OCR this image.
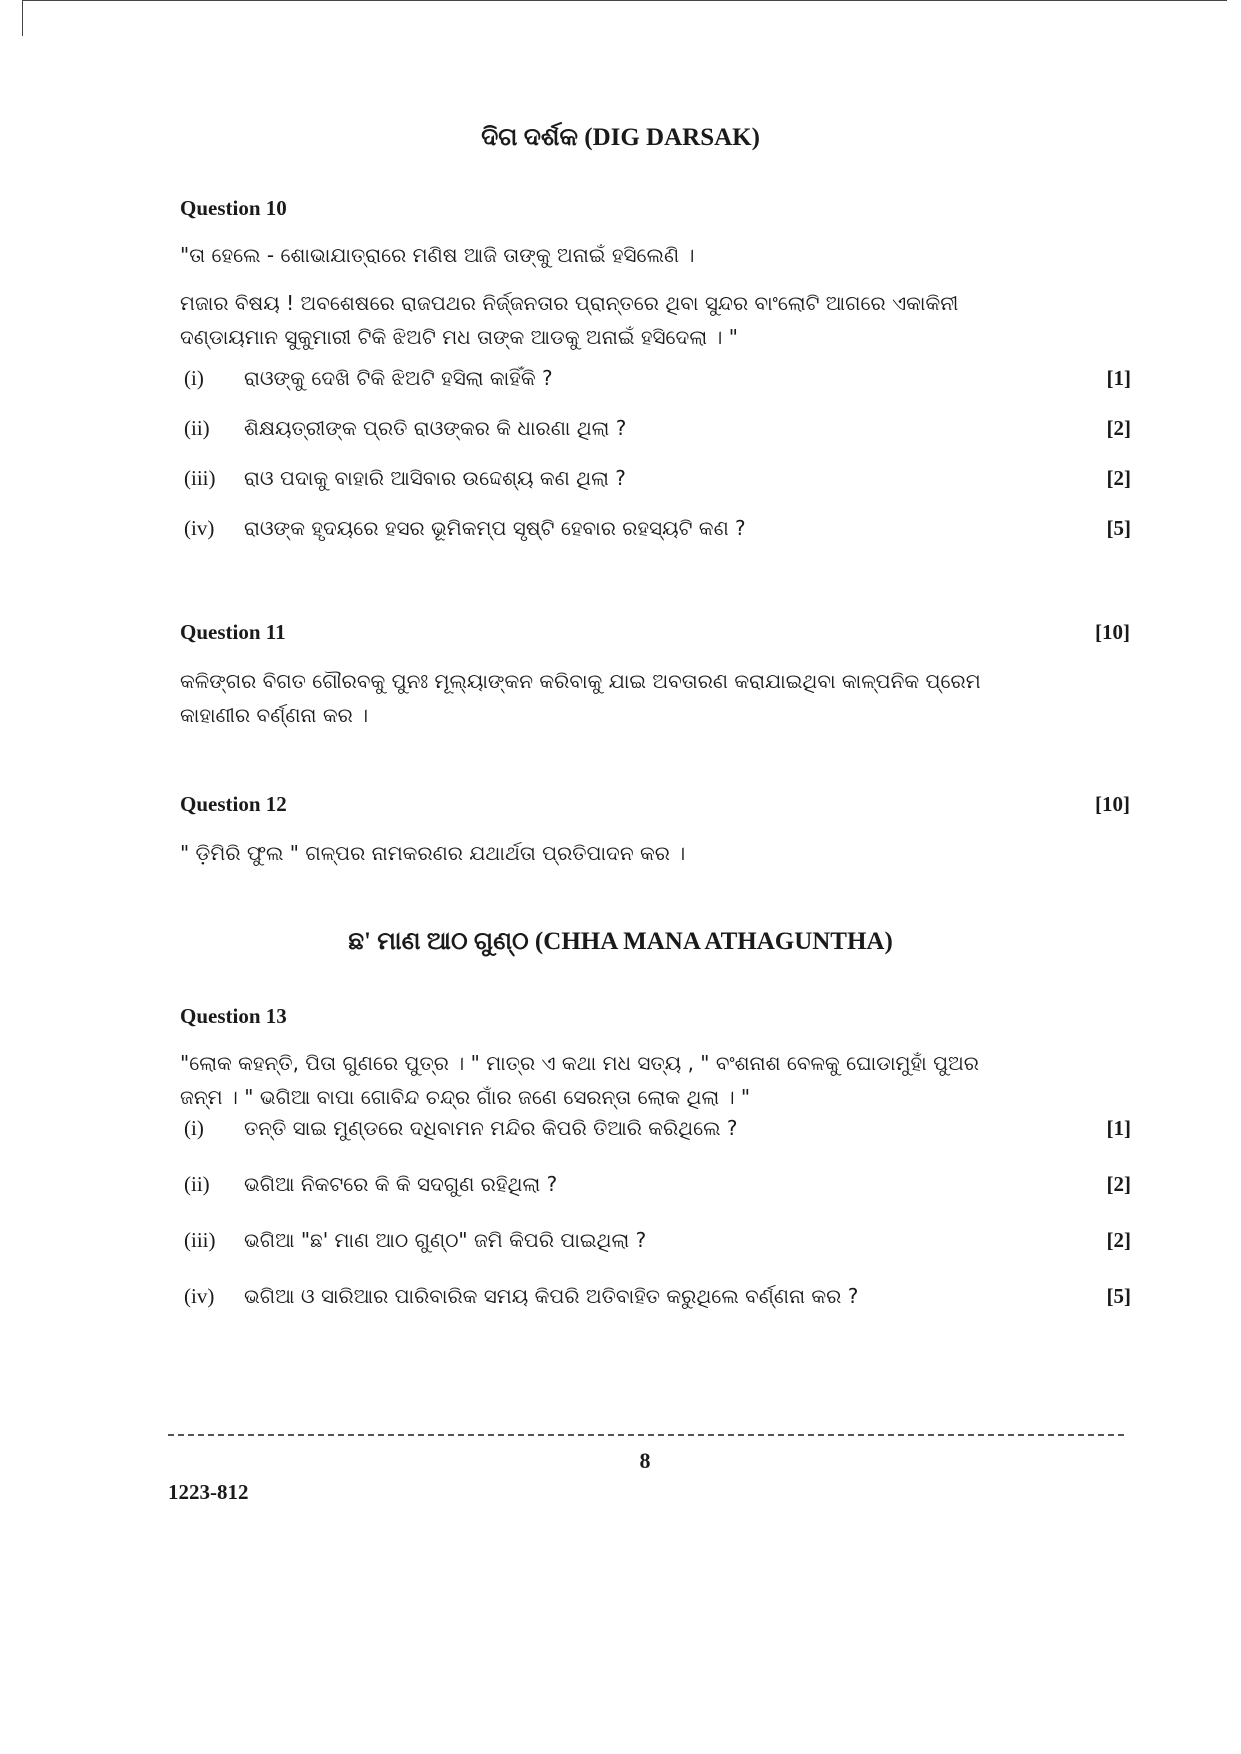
ଦିଗ ଦର୍ଶକ (DIG DARSAK)
Question 10
"ତା ହେଲେ - ଶୋଭାଯାତ୍ରାରେ ମଣିଷ ଆଜି ତାଙ୍କୁ ଅନାଇଁ ହସିଲେଣି ।
ମଜାର ବିଷୟ ! ଅବଶେଷରେ ରାଜପଥର ନିର୍ଜ୍ଜନତାର ପ୍ରାନ୍ତରେ ଥିବା ସୁନ୍ଦର ବାଂଲୋଟି ଆଗରେ ଏକାକିନୀ
ଦଣ୍ଡାୟମାନ ସୁକୁମାରୀ ଟିକି ଝିଅଟି ମଧ ତାଙ୍କ ଆଡକୁ ଅନାଇଁ ହସିଦେଲା । "
(i) ରାଓଙ୍କୁ ଦେଖି ଟିକି ଝିଅଟି ହସିଲା କାହିଁକି ?	[1]
(ii) ଶିକ୍ଷୟତ୍ରୀଙ୍କ ପ୍ରତି ରାଓଙ୍କର କି ଧାରଣା ଥିଲା ?	[2]
(iii) ରାଓ ପଦାକୁ ବାହାରି ଆସିବାର ଉଦ୍ଦେଶ୍ୟ କଣ ଥିଲା ?	[2]
(iv) ରାଓଙ୍କ ହୃଦୟରେ ହସର ଭୂମିକମ୍ପ ସୃଷ୍ଟି ହେବାର ରହସ୍ୟଟି କଣ ?	[5]
Question 11	[10]
କଳିଙ୍ଗର ବିଗତ ଗୌରବକୁ ପୁନଃ ମୂଲ୍ୟାଙ୍କନ କରିବାକୁ ଯାଇ ଅବତାରଣ କରାଯାଇଥିବା କାଳ୍ପନିକ ପ୍ରେମ
କାହାଣୀର ବର୍ଣ୍ଣନା କର ।
Question 12	[10]
" ଡ଼ିମିରି ଫୁଲ " ଗଳ୍ପର ନାମକରଣର ଯଥାର୍ଥତା ପ୍ରତିପାଦନ କର ।
ଛ' ମାଣ ଆଠ ଗୁଣ୍ଠ (CHHA MANA ATHAGUNTHA)
Question 13
"ଲୋକ କହନ୍ତି, ପିତା ଗୁଣରେ ପୁତ୍ର । " ମାତ୍ର ଏ କଥା ମଧ ସତ୍ୟ , " ବଂଶନାଶ ବେଳକୁ ଘୋଡାମୁହାଁ ପୁଅର
ଜନ୍ମ । " ଭଗିଆ ବାପା ଗୋବିନ୍ଦ ଚନ୍ଦ୍ର ଗାଁର ଜଣେ ସେରନ୍ତା ଲୋକ ଥିଲା । "
(i) ତନ୍ତି ସାଇ ମୁଣ୍ଡରେ ଦଧିବାମନ ମନ୍ଦିର କିପରି ତିଆରି କରିଥିଲେ ?	[1]
(ii) ଭଗିଆ ନିକଟରେ କି କି ସଦଗୁଣ ରହିଥିଲା ?	[2]
(iii) ଭଗିଆ "ଛ' ମାଣ ଆଠ ଗୁଣ୍ଠ" ଜମି କିପରି ପାଇଥିଲା ?	[2]
(iv) ଭଗିଆ ଓ ସାରିଆର ପାରିବାରିକ ସମୟ କିପରି ଅତିବାହିତ କରୁଥିଲେ ବର୍ଣ୍ଣନା କର ?	[5]
8
1223-812
